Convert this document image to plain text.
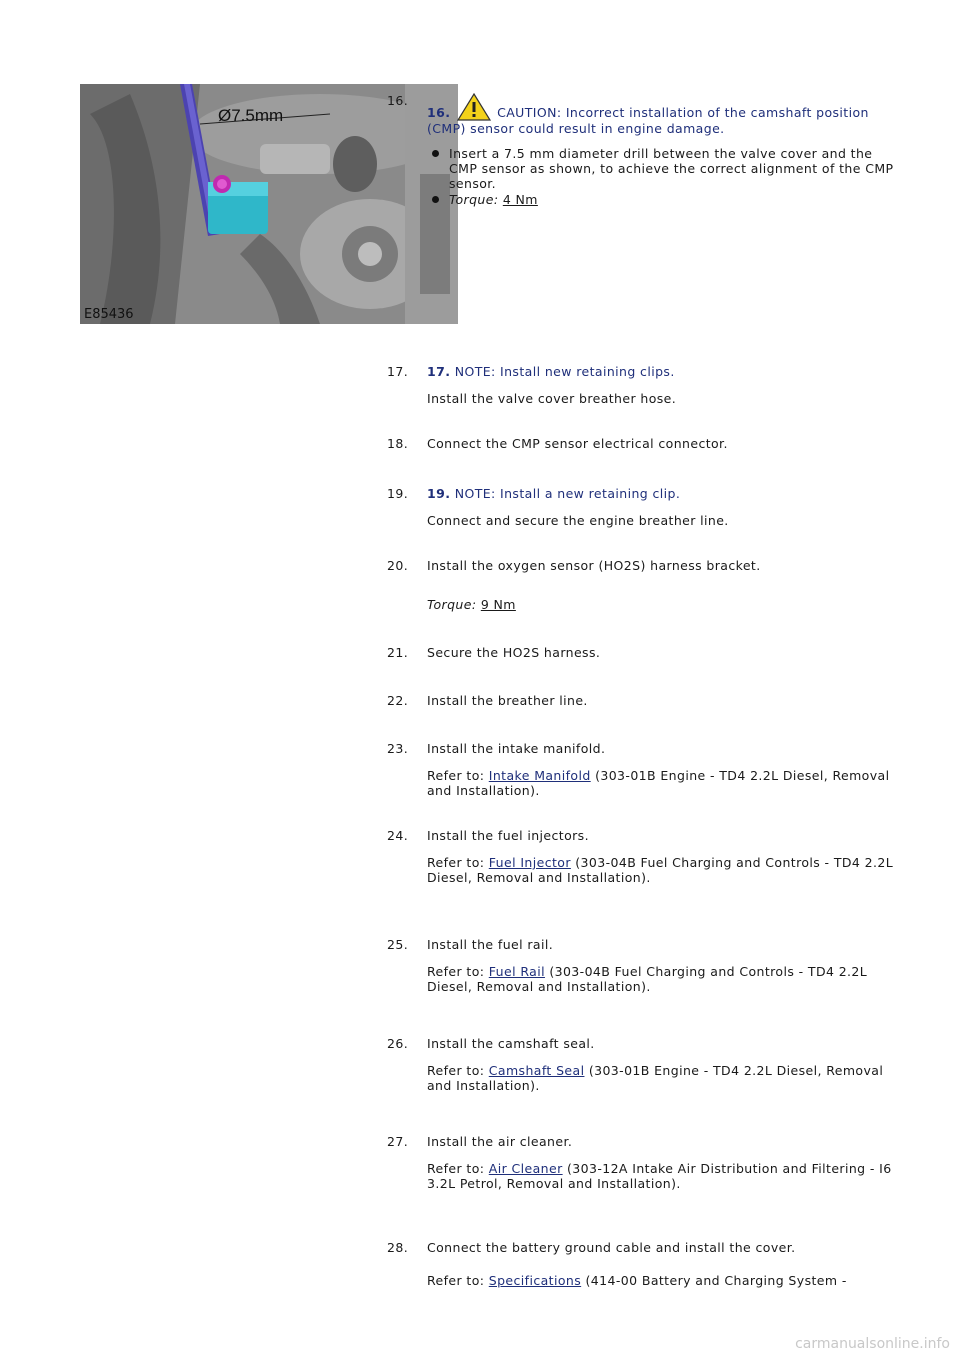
Ø7.5mm
E85436
16.
16.	CAUTION: Incorrect installation of the camshaft position (CMP) sensor could result in engine damage.
Insert a 7.5 mm diameter drill between the valve cover and the CMP sensor as shown, to achieve the correct alignment of the CMP sensor.
Torque: 4 Nm
17.	17. NOTE: Install new retaining clips.
Install the valve cover breather hose.
18.	Connect the CMP sensor electrical connector.
19.	19. NOTE: Install a new retaining clip.
Connect and secure the engine breather line.
20.	Install the oxygen sensor (HO2S) harness bracket.
Torque: 9 Nm
21.	Secure the HO2S harness.
22.	Install the breather line.
23.	Install the intake manifold.
Refer to: Intake Manifold (303-01B Engine - TD4 2.2L Diesel, Removal and Installation).
24.	Install the fuel injectors.
Refer to: Fuel Injector (303-04B Fuel Charging and Controls - TD4 2.2L Diesel, Removal and Installation).
25.	Install the fuel rail.
Refer to: Fuel Rail (303-04B Fuel Charging and Controls - TD4 2.2L Diesel, Removal and Installation).
26.	Install the camshaft seal.
Refer to: Camshaft Seal (303-01B Engine - TD4 2.2L Diesel, Removal and Installation).
27.	Install the air cleaner.
Refer to: Air Cleaner (303-12A Intake Air Distribution and Filtering - I6 3.2L Petrol, Removal and Installation).
28.	Connect the battery ground cable and install the cover.
Refer to: Specifications (414-00 Battery and Charging System -
carmanualsonline.info
